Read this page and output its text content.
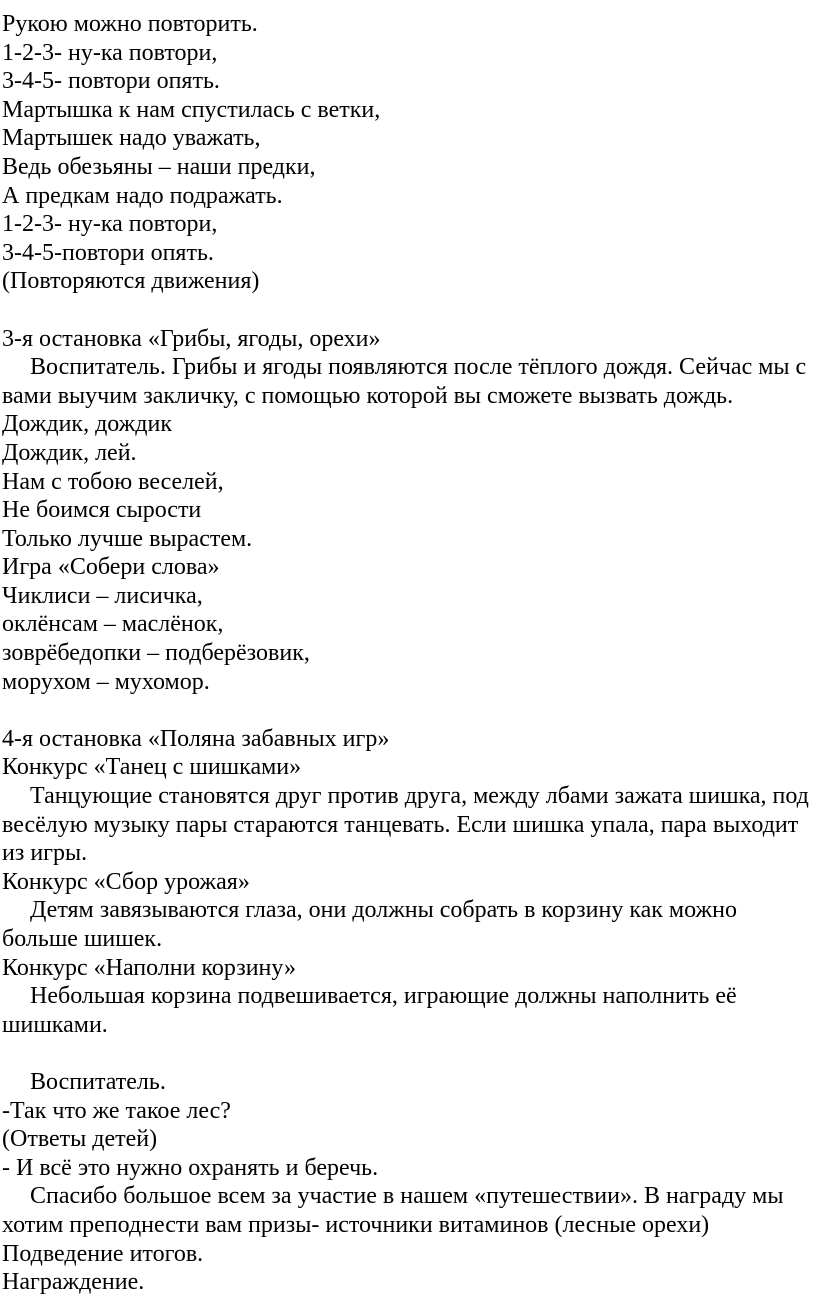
Рукою можно повторить.
1-2-3- ну-ка повтори,
3-4-5- повтори опять.
Мартышка к нам спустилась с ветки,
Мартышек надо уважать,
Ведь обезьяны – наши предки,
А предкам надо подражать.
1-2-3- ну-ка повтори,
3-4-5-повтори опять.
(Повторяются движения)
3-я остановка «Грибы, ягоды, орехи»
Воспитатель. Грибы и ягоды появляются после тёплого дождя. Сейчас мы с
вами выучим закличку, с помощью которой вы сможете вызвать дождь.
Дождик, дождик
Дождик, лей.
Нам с тобою веселей,
Не боимся сырости
Только лучше вырастем.
Игра «Собери слова»
Чиклиси – лисичка,
оклёнсам – маслёнок,
зоврёбедопки – подберёзовик,
морухом – мухомор.
4-я остановка «Поляна забавных игр»
Конкурс «Танец с шишками»
Танцующие становятся друг против друга, между лбами зажата шишка, под
весёлую музыку пары стараются танцевать. Если шишка упала, пара выходит
из игры.
Конкурс «Сбор урожая»
Детям завязываются глаза, они должны собрать в корзину как можно
больше шишек.
Конкурс «Наполни корзину»
Небольшая корзина подвешивается, играющие должны наполнить её
шишками.
Воспитатель.
-Так что же такое лес?
(Ответы детей)
- И всё это нужно охранять и беречь.
Спасибо большое всем за участие в нашем «путешествии». В награду мы
хотим преподнести вам призы- источники витаминов (лесные орехи)
Подведение итогов.
Награждение.
